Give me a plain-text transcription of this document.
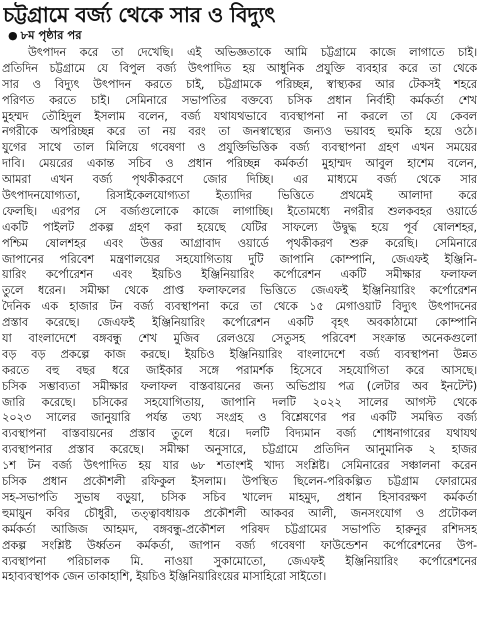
চট্টগ্রামে বর্জ্য থেকে সার ও বিদ্যুৎ
● ৮ম পৃষ্ঠার পর
উৎপাদন করে তা দেখেছি। এই অভিজ্ঞতাকে আমি চট্টগ্রামে কাজে লাগাতে চাই।
প্রতিদিন চট্টগ্রামে যে বিপুল বর্জ্য উৎপাদিত হয় আধুনিক প্রযুক্তি ব্যবহার করে তা থেকে
সার ও বিদ্যুৎ উৎপাদন করতে চাই, চট্টগ্রামকে পরিচ্ছন্ন, স্বাস্থ্যকর আর টেকসই শহরে
পরিণত করতে চাই। সেমিনারে সভাপতির বক্তব্যে চসিক প্রধান নির্বাহী কর্মকর্তা শেখ
মুহম্মদ তৌহিদুল ইসলাম বলেন, বর্জ্য যথাযথভাবে ব্যবস্থাপনা না করলে তা যে কেবল
নগরীকে অপরিচ্ছন্ন করে তা নয় বরং তা জনস্বাস্থ্যের জন্যও ভয়াবহ হুমকি হয়ে ওঠে।
যুগের সাথে তাল মিলিয়ে গবেষণা ও প্রযুক্তিভিত্তিক বর্জ্য ব্যবস্থাপনা গ্রহণ এখন সময়ের
দাবি। মেয়রের একান্ত সচিব ও প্রধান পরিচ্ছন্ন কর্মকর্তা মুহাম্মদ আবুল হাশেম বলেন,
আমরা এখন বর্জ্য পৃথকীকরণে জোর দিচ্ছি। এর মাধ্যমে বর্জ্য থেকে সার
উৎপাদনযোগ্যতা, রিসাইকেলযোগ্যতা ইত্যাদির ভিত্তিতে প্রথমেই আলাদা করে
ফেলছি। এরপর সে বর্জ্যগুলোকে কাজে লাগাচ্ছি। ইতোমধ্যে নগরীর শুলকবহর ওয়ার্ডে
একটি পাইলট প্রকল্প গ্রহণ করা হয়েছে যেটির সাফল্যে উদ্বুদ্ধ হয়ে পূর্ব ষোলশহর,
পশ্চিম ষোলশহর এবং উত্তর আগ্রাবাদ ওয়ার্ডে পৃথকীকরণ শুরু করেছি। সেমিনারে
জাপানের পরিবেশ মন্ত্রণালয়ের সহযোগিতায় দুটি জাপানি কোম্পানি, জেএফই ইঞ্জিনি-
য়ারিং কর্পোরেশন এবং ইয়চিও ইঞ্জিনিয়ারিং কর্পোরেশন একটি সমীক্ষার ফলাফল
তুলে ধরেন। সমীক্ষা থেকে প্রাপ্ত ফলাফলের ভিত্তিতে জেএফই ইঞ্জিনিয়ারিং কর্পোরেশন
দৈনিক এক হাজার টন বর্জ্য ব্যবস্থাপনা করে তা থেকে ১৫ মেগাওয়াট বিদ্যুৎ উৎপাদনের
প্রস্তাব করেছে। জেএফই ইঞ্জিনিয়ারিং কর্পোরেশন একটি বৃহৎ অবকাঠামো কোম্পানি
যা বাংলাদেশে বঙ্গবন্ধু শেখ মুজিব রেলওয়ে সেতুসহ পরিবেশ সংক্রান্ত অনেকগুলো
বড় বড় প্রকল্পে কাজ করছে। ইয়চিও ইঞ্জিনিয়ারিং বাংলাদেশে বর্জ্য ব্যবস্থাপনা উন্নত
করতে বহু বছর ধরে জাইকার সঙ্গে পরামর্শক হিসেবে সহযোগিতা করে আসছে।
চসিক সম্ভাব্যতা সমীক্ষার ফলাফল বাস্তবায়নের জন্য অভিপ্রায় পত্র (লেটার অব ইনটেন্ট)
জারি করেছে। চসিকের সহযোগিতায়, জাপানি দলটি ২০২২ সালের আগস্ট থেকে
২০২৩ সালের জানুয়ারি পর্যন্ত তথ্য সংগ্রহ ও বিশ্লেষণের পর একটি সমন্বিত বর্জ্য
ব্যবস্থাপনা বাস্তবায়নের প্রস্তাব তুলে ধরে। দলটি বিদ্যমান বর্জ্য শোধনাগারের যথাযথ
ব্যবস্থাপনার প্রস্তাব করেছে। সমীক্ষা অনুসারে, চট্টগ্রামে প্রতিদিন আনুমানিক ২ হাজর
১শ টন বর্জ্য উৎপাদিত হয় যার ৬৮ শতাংশই খাদ্য সংশ্লিষ্ট। সেমিনারের সঞ্চালনা করেন
চসিক প্রধান প্রকৌশলী রফিকুল ইসলাম। উপস্থিত ছিলেন-পরিকল্পিত চট্টগ্রাম ফোরামের
সহ-সভাপতি সুভাষ বড়ুয়া, চসিক সচিব খালেদ মাহমুদ, প্রধান হিসাবরক্ষণ কর্মকর্তা
হুমায়ুন কবির চৌধুরী, তত্ত্বাবধায়ক প্রকৌশলী আকবর আলী, জনসংযোগ ও প্রটোকল
কর্মকর্তা আজিজ আহমদ, বঙ্গবন্ধু-প্রকৌশল পরিষদ চট্টগ্রামের সভাপতি হারুনুর রশিদসহ
প্রকল্প সংশ্লিষ্ট উর্ধ্বতন কর্মকর্তা, জাপান বর্জ্য গবেষণা ফাউন্ডেশন কর্পোরেশনের উপ-
ব্যবস্থাপনা পরিচালক মি. নাওয়া সুকামোতো, জেএফই ইঞ্জিনিয়ারিং কর্পোরেশনের
মহাব্যবস্থাপক জেন তাকাহাশি, ইয়চিও ইঞ্জিনিয়ারিংয়ের মাসাহিরো সাইতো।
